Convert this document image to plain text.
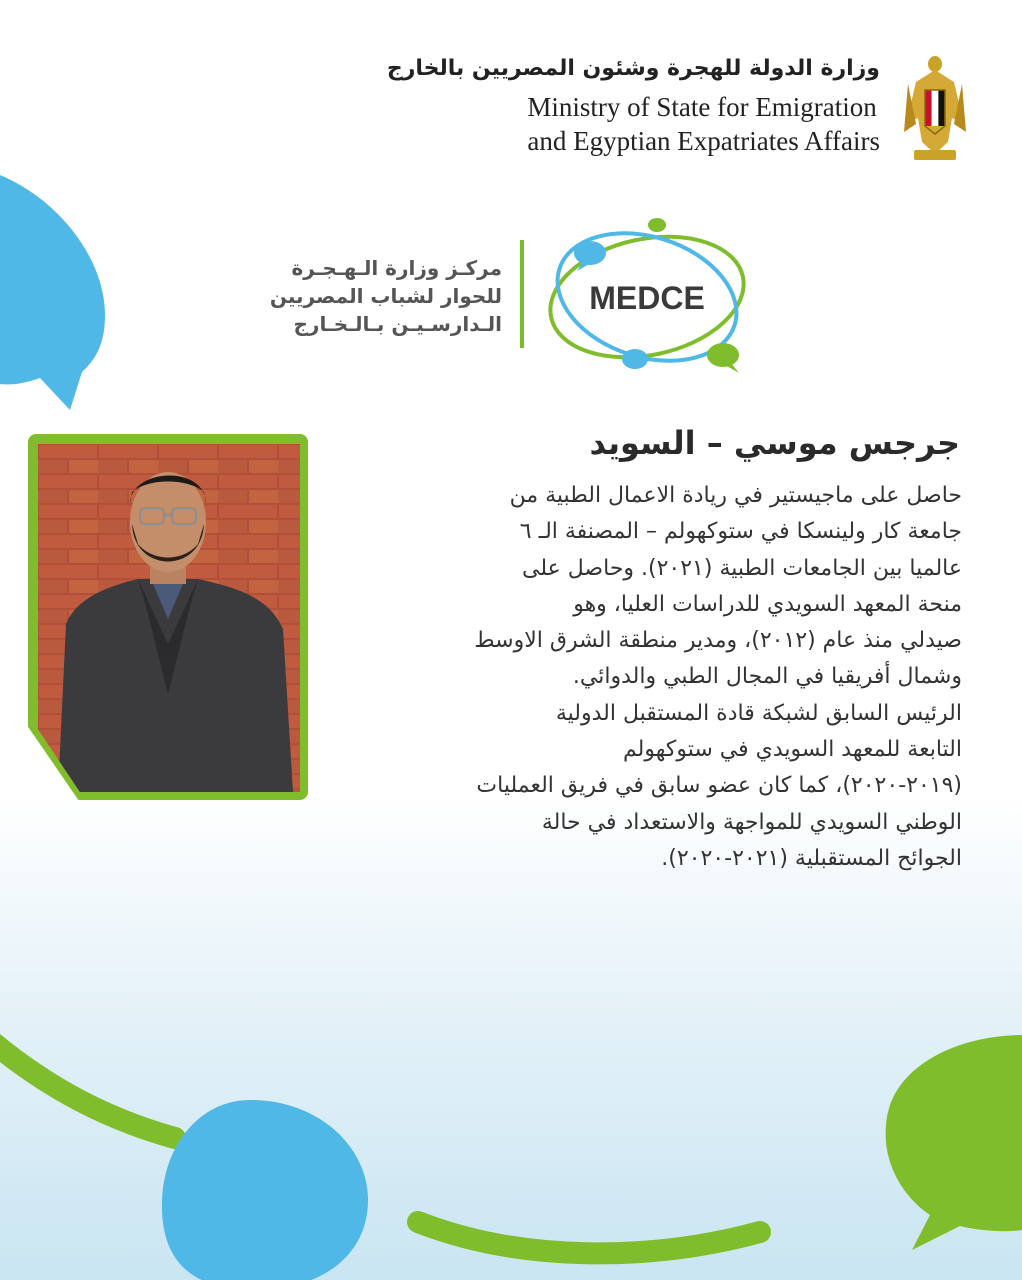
وزارة الدولة للهجرة وشئون المصريين بالخارج
Ministry of State for Emigration
and Egyptian Expatriates Affairs
مركـز وزارة الـهـجـرة
للحوار لشباب المصريين
الـدارسـيـن بـالـخـارج
MEDCE
جرجس موسي – السويد

حاصل على ماجيستير في ريادة الاعمال الطبية من
جامعة كار ولينسكا في ستوكهولم – المصنفة الـ ٦
عالميا بين الجامعات الطبية (٢٠٢١). وحاصل على
منحة المعهد السويدي للدراسات العليا، وهو
صيدلي منذ عام (٢٠١٢)، ومدير منطقة الشرق الاوسط
وشمال أفريقيا في المجال الطبي والدوائي.
الرئيس السابق لشبكة قادة المستقبل الدولية
التابعة للمعهد السويدي في ستوكهولم
(٢٠١٩-٢٠٢٠)، كما كان عضو سابق في فريق العمليات
الوطني السويدي للمواجهة والاستعداد في حالة
الجوائح المستقبلية (٢٠٢١-٢٠٢٠).
